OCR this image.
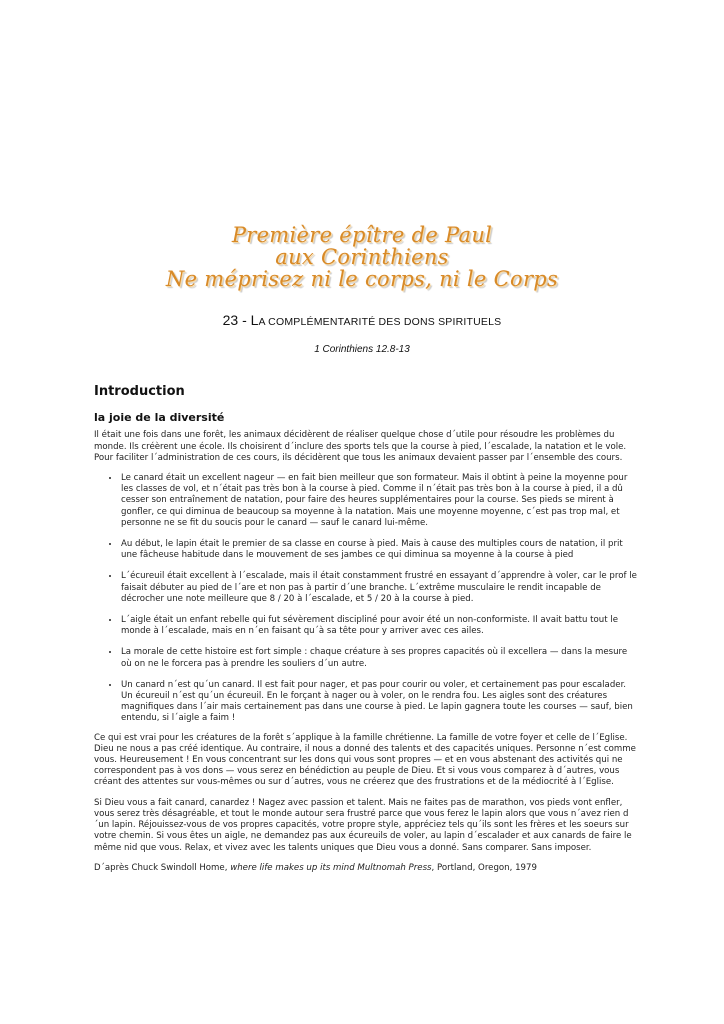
Première épître de Paul
aux Corinthiens
Ne méprisez ni le corps, ni le Corps
23 - LA COMPLÉMENTARITÉ DES DONS SPIRITUELS
1 Corinthiens 12.8-13
Introduction
la joie de la diversité

Il était une fois dans une forêt, les animaux décidèrent de réaliser quelque chose d´utile pour résoudre les problèmes du monde. Ils créèrent une école. Ils choisirent d´inclure des sports tels que la course à pied, l´escalade, la natation et le vole. Pour faciliter l´administration de ces cours, ils décidèrent que tous les animaux devaient passer par l´ensemble des cours.

• Le canard était un excellent nageur — en fait bien meilleur que son formateur. Mais il obtint à peine la moyenne pour les classes de vol, et n´était pas très bon à la course à pied. Comme il n´était pas très bon à la course à pied, il a dû cesser son entraînement de natation, pour faire des heures supplémentaires pour la course. Ses pieds se mirent à gonfler, ce qui diminua de beaucoup sa moyenne à la natation. Mais une moyenne moyenne, c´est pas trop mal, et personne ne se fit du soucis pour le canard — sauf le canard lui-même.
• Au début, le lapin était le premier de sa classe en course à pied. Mais à cause des multiples cours de natation, il prit une fâcheuse habitude dans le mouvement de ses jambes ce qui diminua sa moyenne à la course à pied
• L´écureuil était excellent à l´escalade, mais il était constamment frustré en essayant d´apprendre à voler, car le prof le faisait débuter au pied de l´are et non pas à partir d´une branche. L´extrême musculaire le rendit incapable de décrocher une note meilleure que 8 / 20 à l´escalade, et 5 / 20 à la course à pied.
• L´aigle était un enfant rebelle qui fut sévèrement discipliné pour avoir été un non-conformiste. Il avait battu tout le monde à l´escalade, mais en n´en faisant qu´à sa tête pour y arriver avec ces ailes.
• La morale de cette histoire est fort simple : chaque créature à ses propres capacités où il excellera — dans la mesure où on ne le forcera pas à prendre les souliers d´un autre.
• Un canard n´est qu´un canard. Il est fait pour nager, et pas pour courir ou voler, et certainement pas pour escalader. Un écureuil n´est qu´un écureuil. En le forçant à nager ou à voler, on le rendra fou. Les aigles sont des créatures magnifiques dans l´air mais certainement pas dans une course à pied. Le lapin gagnera toute les courses — sauf, bien entendu, si l´aigle a faim !

Ce qui est vrai pour les créatures de la forêt s´applique à la famille chrétienne. La famille de votre foyer et celle de l´Eglise. Dieu ne nous a pas créé identique. Au contraire, il nous a donné des talents et des capacités uniques. Personne n´est comme vous. Heureusement ! En vous concentrant sur les dons qui vous sont propres — et en vous abstenant des activités qui ne correspondent pas à vos dons — vous serez en bénédiction au peuple de Dieu. Et si vous vous comparez à d´autres, vous créant des attentes sur vous-mêmes ou sur d´autres, vous ne créerez que des frustrations et de la médiocrité à l´Eglise.

Si Dieu vous a fait canard, canardez ! Nagez avec passion et talent. Mais ne faites pas de marathon, vos pieds vont enfler, vous serez très désagréable, et tout le monde autour sera frustré parce que vous ferez le lapin alors que vous n´avez rien d´un lapin. Réjouissez-vous de vos propres capacités, votre propre style, appréciez tels qu´ils sont les frères et les soeurs sur votre chemin. Si vous êtes un aigle, ne demandez pas aux écureuils de voler, au lapin d´escalader et aux canards de faire le même nid que vous. Relax, et vivez avec les talents uniques que Dieu vous a donné. Sans comparer. Sans imposer.

D´après Chuck Swindoll Home, where life makes up its mind Multnomah Press, Portland, Oregon, 1979
